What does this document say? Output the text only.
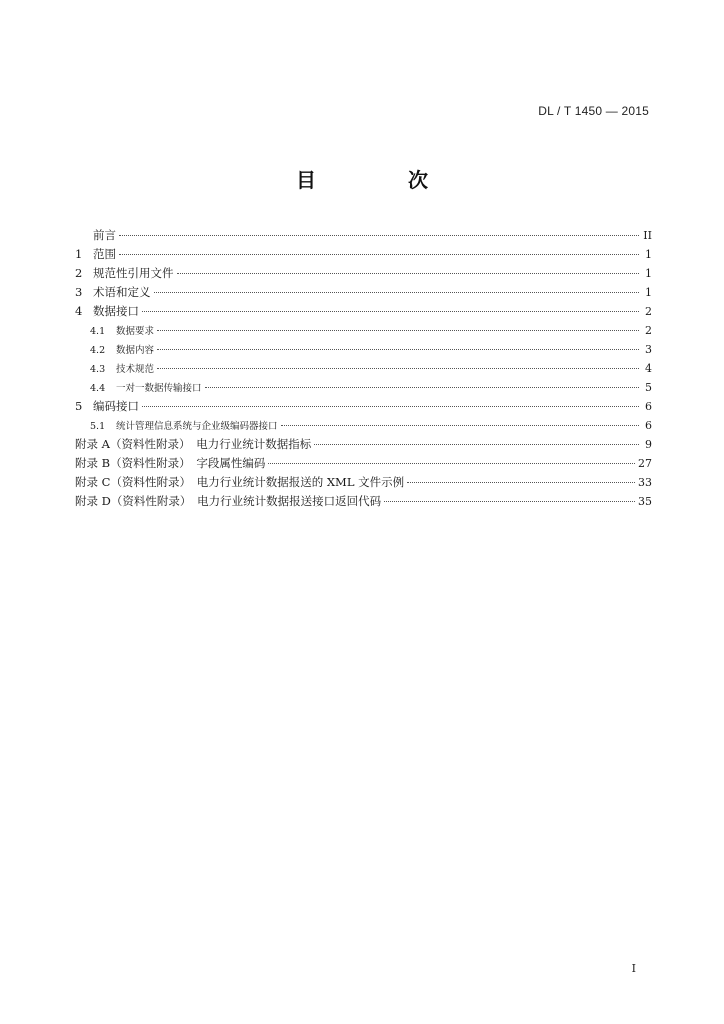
DL / T 1450 — 2015
目　次
前言	II
1 范围	1
2 规范性引用文件	1
3 术语和定义	1
4 数据接口	2
4.1	数据要求	2
4.2	数据内容	3
4.3	技术规范	4
4.4	一对一数据传输接口	5
5 编码接口	6
5.1	统计管理信息系统与企业级编码器接口	6
附录 A（资料性附录）　电力行业统计数据指标	9
附录 B（资料性附录）　字段属性编码	27
附录 C（资料性附录）　电力行业统计数据报送的 XML 文件示例	33
附录 D（资料性附录）　电力行业统计数据报送接口返回代码	35
I
